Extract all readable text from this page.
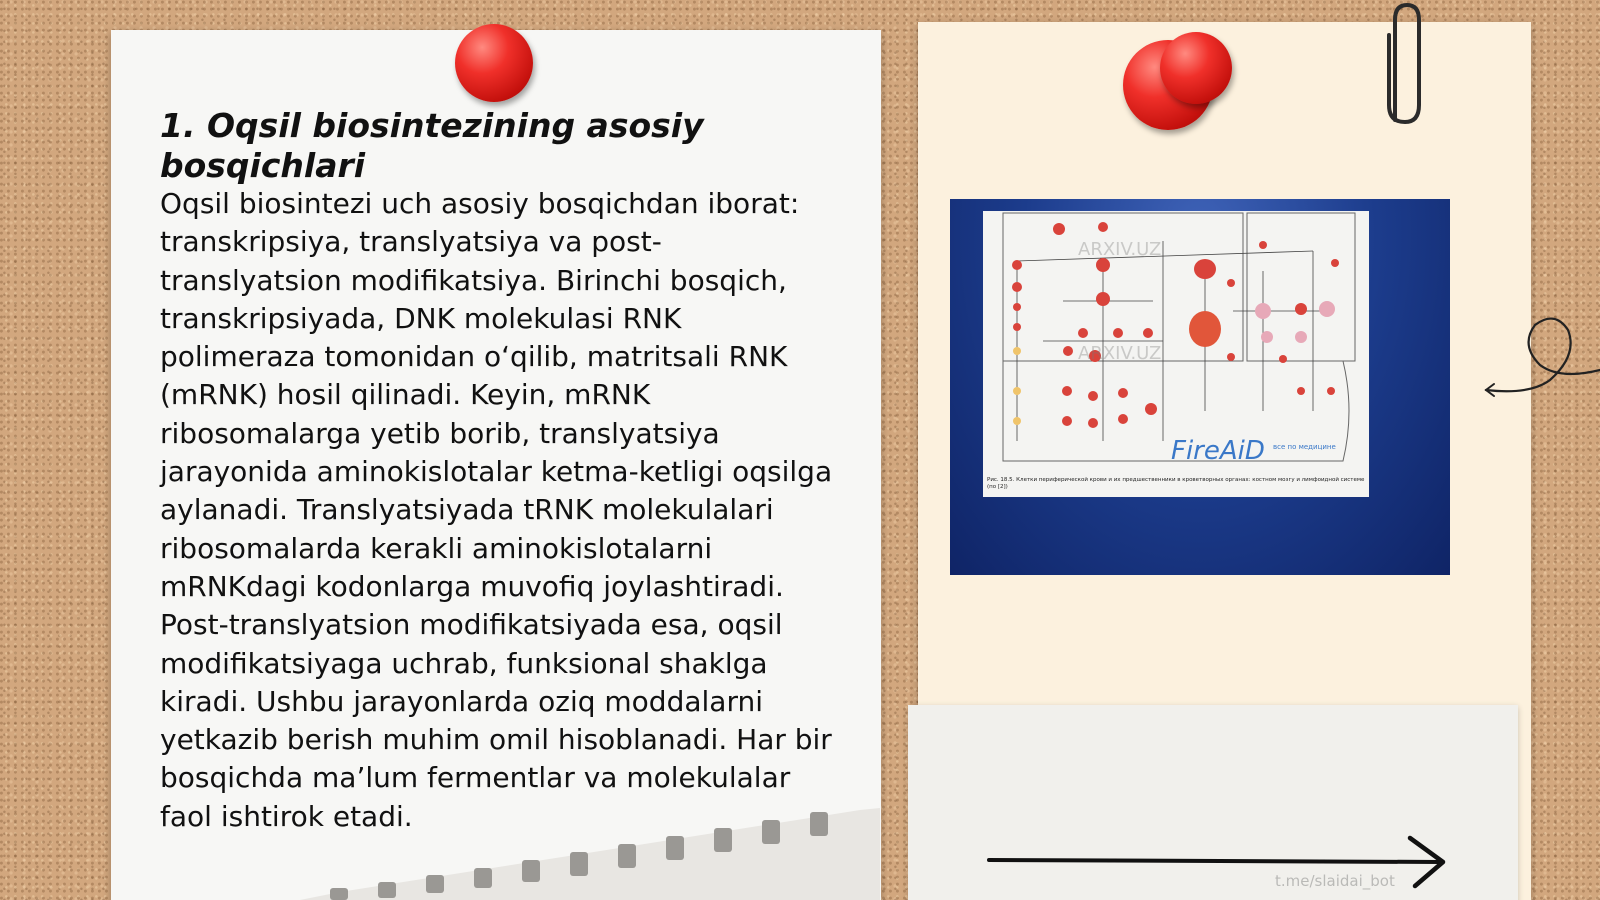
1. Oqsil biosintezining asosiy bosqichlari

Oqsil biosintezi uch asosiy bosqichdan iborat: transkripsiya, translyatsiya va post-translyatsion modifikatsiya. Birinchi bosqich, transkripsiyada, DNK molekulasi RNK polimeraza tomonidan oʻqilib, matritsali RNK (mRNK) hosil qilinadi. Keyin, mRNK ribosomalarga yetib borib, translyatsiya jarayonida aminokislotalar ketma-ketligi oqsilga aylanadi. Translyatsiyada tRNK molekulalari ribosomalarda kerakli aminokislotalarni mRNKdagi kodonlarga muvofiq joylashtiradi. Post-translyatsion modifikatsiyada esa, oqsil modifikatsiyaga uchrab, funksional shaklga kiradi. Ushbu jarayonlarda oziq moddalarni yetkazib berish muhim omil hisoblanadi. Har bir bosqichda ma’lum fermentlar va molekulalar faol ishtirok etadi.

FireAiD все по медицине
ARXIV.UZ
ARXIV.UZ
Рис. 18.5. Клетки периферической крови и их предшественники в кроветворных органах: костном мозгу и лимфоидной системе (по [2])
t.me/slaidai_bot
